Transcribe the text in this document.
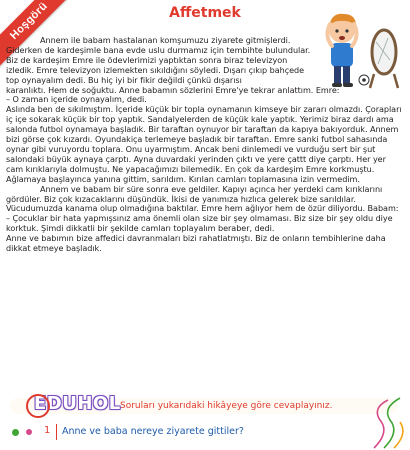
Hoşgörü	Affetmek

Annem ile babam hastalanan komşumuzu ziyarete gitmişlerdi. Giderken de kardeşimle bana evde uslu durmamız için tembihte bulundular. Biz de kardeşim Emre ile ödevlerimizi yaptıktan sonra biraz televizyon izledik. Emre televizyon izlemekten sıkıldığını söyledi. Dışarı çıkıp bahçede top oynayalım dedi. Bu hiç iyi bir fikir değildi çünkü dışarısı

karanlıktı. Hem de soğuktu. Anne babamın sözlerini Emre'ye tekrar anlattım. Emre:

– O zaman içeride oynayalım, dedi.

Aslında ben de sıkılmıştım. İçeride küçük bir topla oynamanın kimseye bir zararı olmazdı. Çorapları iç içe sokarak küçük bir top yaptık. Sandalyelerden de küçük kale yaptık. Yerimiz biraz dardı ama salonda futbol oynamaya başladık. Bir taraftan oynuyor bir taraftan da kapıya bakıyorduk. Annem bizi görse çok kızardı. Oyundakiça terlemeye başladık bir taraftan. Emre sanki futbol sahasında oynar gibi vuruyordu toplara. Onu uyarmıştım. Ancak beni dinlemedi ve vurduğu sert bir şut salondaki büyük aynaya çarptı. Ayna duvardaki yerinden çıktı ve yere çattt diye çarptı. Her yer cam kırıklarıyla dolmuştu. Ne yapacağımızı bilemedik. En çok da kardeşim Emre korkmuştu. Ağlamaya başlayınca yanına gittim, sarıldım. Kırılan camları toplamasına izin vermedim.

Annem ve babam bir süre sonra eve geldiler. Kapıyı açınca her yerdeki cam kırıklarını gördüler. Biz çok kızacaklarını düşündük. İkisi de yanımıza hızlıca gelerek bize sarıldılar. Vücudumuzda kanama olup olmadığına baktılar. Emre hem ağlıyor hem de özür diliyordu. Babam:

– Çocuklar bir hata yapmışsınız ama önemli olan size bir şey olmaması. Biz size bir şey oldu diye korktuk. Şimdi dikkatli bir şekilde camları toplayalım beraber, dedi.

Anne ve babımın bize affedici davranmaları bizi rahatlatmıştı. Biz de onların tembihlerine daha dikkat etmeye başladık.

Soruları yukarıdaki hikâyeye göre cevaplayınız.
EDUHOL
1 Anne ve baba nereye ziyarete gittiler?
